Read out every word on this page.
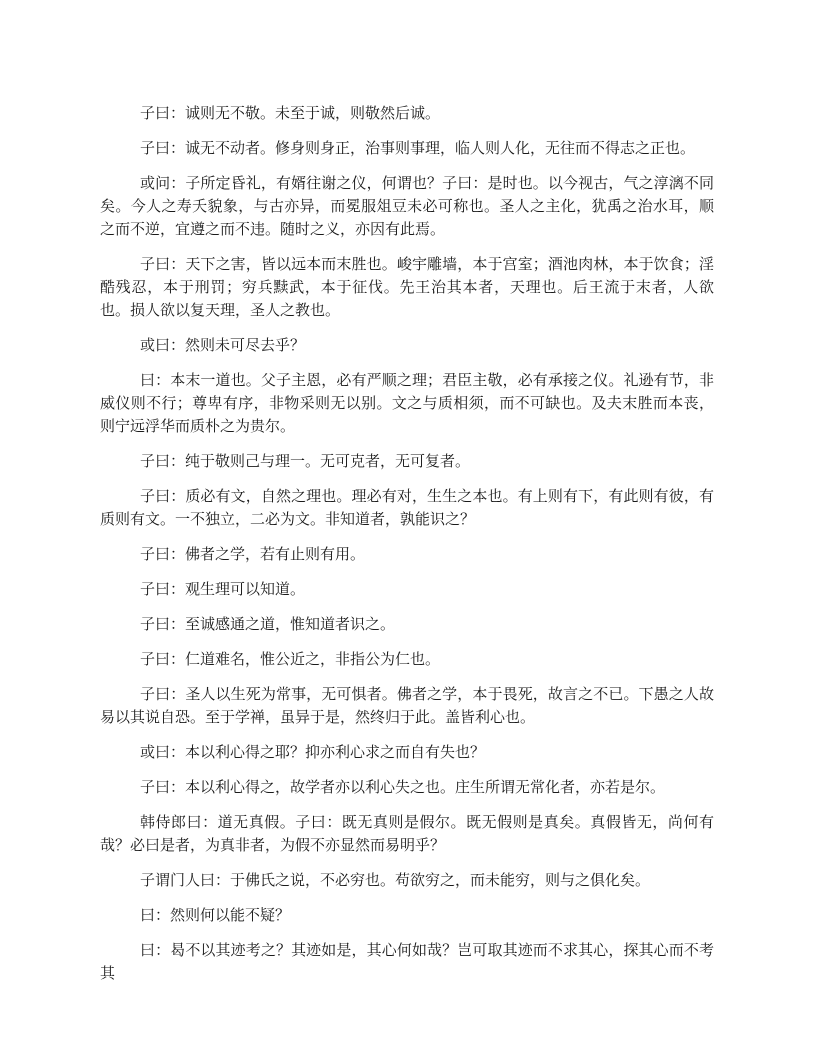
子曰：诚则无不敬。未至于诚，则敬然后诚。

子曰：诚无不动者。修身则身正，治事则事理，临人则人化，无往而不得志之正也。

或问：子所定昏礼，有婿往谢之仪，何谓也？子曰：是时也。以今视古，气之淳漓不同矣。今人之寿夭貌象，与古亦异，而冕服俎豆未必可称也。圣人之主化，犹禹之治水耳，顺之而不逆，宜遵之而不违。随时之义，亦因有此焉。

子曰：天下之害，皆以远本而末胜也。峻宇雕墙，本于宫室；酒池肉林，本于饮食；淫酷残忍，本于刑罚；穷兵黩武，本于征伐。先王治其本者，天理也。后王流于末者，人欲也。损人欲以复天理，圣人之教也。

或曰：然则未可尽去乎？

曰：本末一道也。父子主恩，必有严顺之理；君臣主敬，必有承接之仪。礼逊有节，非威仪则不行；尊卑有序，非物采则无以别。文之与质相须，而不可缺也。及夫末胜而本丧，则宁远浮华而质朴之为贵尔。

子曰：纯于敬则己与理一。无可克者，无可复者。

子曰：质必有文，自然之理也。理必有对，生生之本也。有上则有下，有此则有彼，有质则有文。一不独立，二必为文。非知道者，孰能识之？

子曰：佛者之学，若有止则有用。

子曰：观生理可以知道。

子曰：至诚感通之道，惟知道者识之。

子曰：仁道难名，惟公近之，非指公为仁也。

子曰：圣人以生死为常事，无可惧者。佛者之学，本于畏死，故言之不已。下愚之人故易以其说自恐。至于学禅，虽异于是，然终归于此。盖皆利心也。

或曰：本以利心得之耶？抑亦利心求之而自有失也？

子曰：本以利心得之，故学者亦以利心失之也。庄生所谓无常化者，亦若是尔。

韩侍郎曰：道无真假。子曰：既无真则是假尔。既无假则是真矣。真假皆无，尚何有哉？必曰是者，为真非者，为假不亦显然而易明乎？

子谓门人曰：于佛氏之说，不必穷也。苟欲穷之，而未能穷，则与之俱化矣。

曰：然则何以能不疑？

曰：曷不以其迹考之？其迹如是，其心何如哉？岂可取其迹而不求其心，探其心而不考其
